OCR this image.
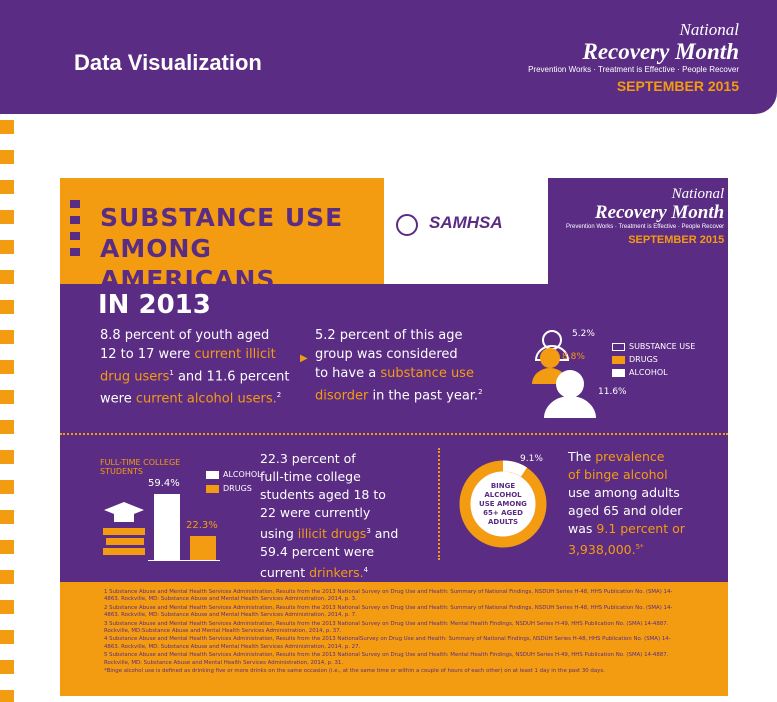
Data Visualization
National
Recovery Month
Prevention Works · Treatment is Effective · People Recover
SEPTEMBER 2015
SUBSTANCE USE
AMONG AMERICANS
SAMHSA
National
Recovery Month
Prevention Works · Treatment is Effective · People Recover
SEPTEMBER 2015
IN 2013
8.8 percent of youth aged
12 to 17 were current illicit
drug users$^1$ and 11.6 percent
were current alcohol users.$^2$
▶
5.2 percent of this age
group was considered
to have a substance use
disorder in the past year.$^2$
5.2%
8.8%
11.6%
SUBSTANCE USE
DRUGS
ALCOHOL
FULL-TIME COLLEGE
STUDENTS	ALCOHOL
DRUGS
59.4%
22.3%
22.3 percent of
full-time college
students aged 18 to
22 were currently
using illicit drugs$^3$ and
59.4 percent were
current drinkers.$^4$
9.1%
BINGE
ALCOHOL
USE AMONG
65+ AGED
ADULTS
The prevalence
of binge alcohol
use among adults
aged 65 and older
was 9.1 percent or
3,938,000.$^{5*}$

1 Substance Abuse and Mental Health Services Administration, Results from the 2013 National Survey on Drug Use and Health: Summary of National Findings, NSDUH Series H-48, HHS Publication No. (SMA) 14-4863. Rockville, MD: Substance Abuse and Mental Health Services Administration, 2014, p. 3.

2 Substance Abuse and Mental Health Services Administration, Results from the 2013 National Survey on Drug Use and Health: Summary of National Findings, NSDUH Series H-48, HHS Publication No. (SMA) 14-4863. Rockville, MD: Substance Abuse and Mental Health Services Administration, 2014, p. 7.

3 Substance Abuse and Mental Health Services Administration, Results from the 2013 National Survey on Drug Use and Health: Mental Health Findings, NSDUH Series H-49, HHS Publication No. (SMA) 14-4887. Rockville, MD:Substance Abuse and Mental Health Services Administration, 2014, p. 37.

4 Substance Abuse and Mental Health Services Administration, Results from the 2013 NationalSurvey on Drug Use and Health: Summary of National Findings, NSDUH Series H-48, HHS Publication No. (SMA) 14-4863. Rockville, MD: Substance Abuse and Mental Health Services Administration, 2014, p. 27.

5 Substance Abuse and Mental Health Services Administration, Results from the 2013 National Survey on Drug Use and Health: Mental Health Findings, NSDUH Series H-49, HHS Publication No. (SMA) 14-4887. Rockville, MD: Substance Abuse and Mental Health Services Administration, 2014, p. 31.

*Binge alcohol use is defined as drinking five or more drinks on the same occasion (i.e., at the same time or within a couple of hours of each other) on at least 1 day in the past 30 days.
